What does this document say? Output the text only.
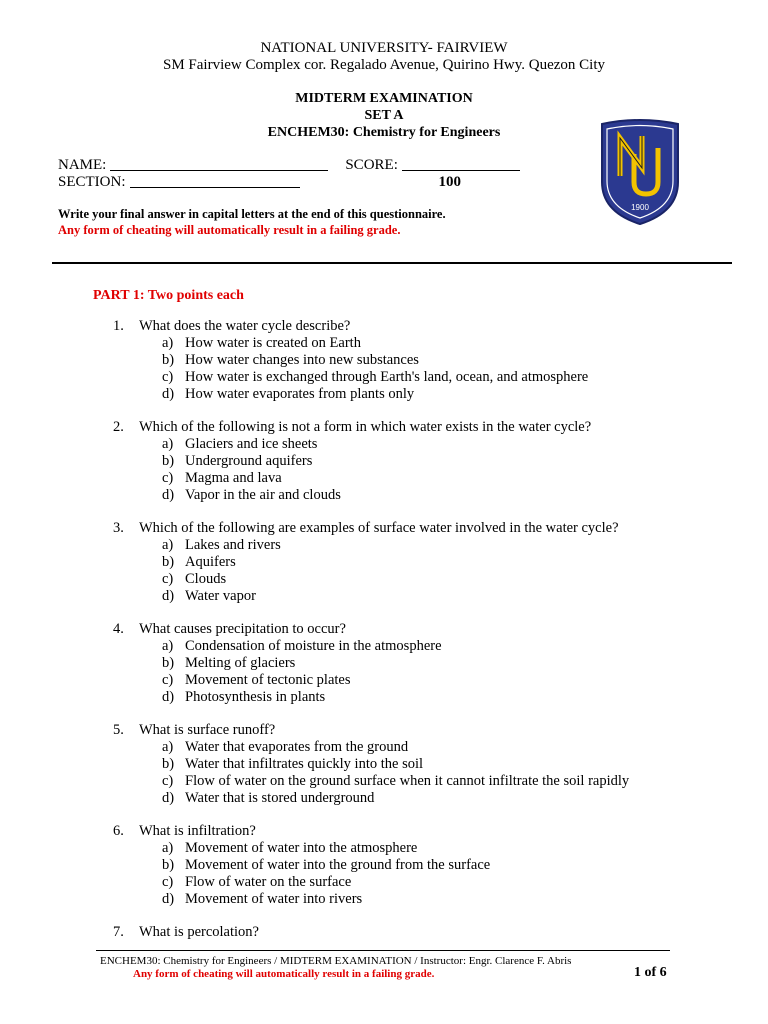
NATIONAL UNIVERSITY- FAIRVIEW
SM Fairview Complex cor. Regalado Avenue, Quirino Hwy. Quezon City
MIDTERM EXAMINATION
SET A
ENCHEM30: Chemistry for Engineers
NAME:	SCORE:
SECTION:	100
1900
Write your final answer in capital letters at the end of this questionnaire.
Any form of cheating will automatically result in a failing grade.
PART 1: Two points each
1.	What does the water cycle describe?
a) How water is created on Earth
b) How water changes into new substances
c) How water is exchanged through Earth's land, ocean, and atmosphere
d) How water evaporates from plants only
2.	Which of the following is not a form in which water exists in the water cycle?
a) Glaciers and ice sheets
b) Underground aquifers
c) Magma and lava
d) Vapor in the air and clouds
3.	Which of the following are examples of surface water involved in the water cycle?
a) Lakes and rivers
b) Aquifers
c) Clouds
d) Water vapor
4.	What causes precipitation to occur?
a) Condensation of moisture in the atmosphere
b) Melting of glaciers
c) Movement of tectonic plates
d) Photosynthesis in plants
5.	What is surface runoff?
a) Water that evaporates from the ground
b) Water that infiltrates quickly into the soil
c) Flow of water on the ground surface when it cannot infiltrate the soil rapidly
d) Water that is stored underground
6.	What is infiltration?
a) Movement of water into the atmosphere
b) Movement of water into the ground from the surface
c) Flow of water on the surface
d) Movement of water into rivers
7.	What is percolation?
ENCHEM30: Chemistry for Engineers / MIDTERM EXAMINATION / Instructor: Engr. Clarence F. Abris
Any form of cheating will automatically result in a failing grade.	1 of 6
